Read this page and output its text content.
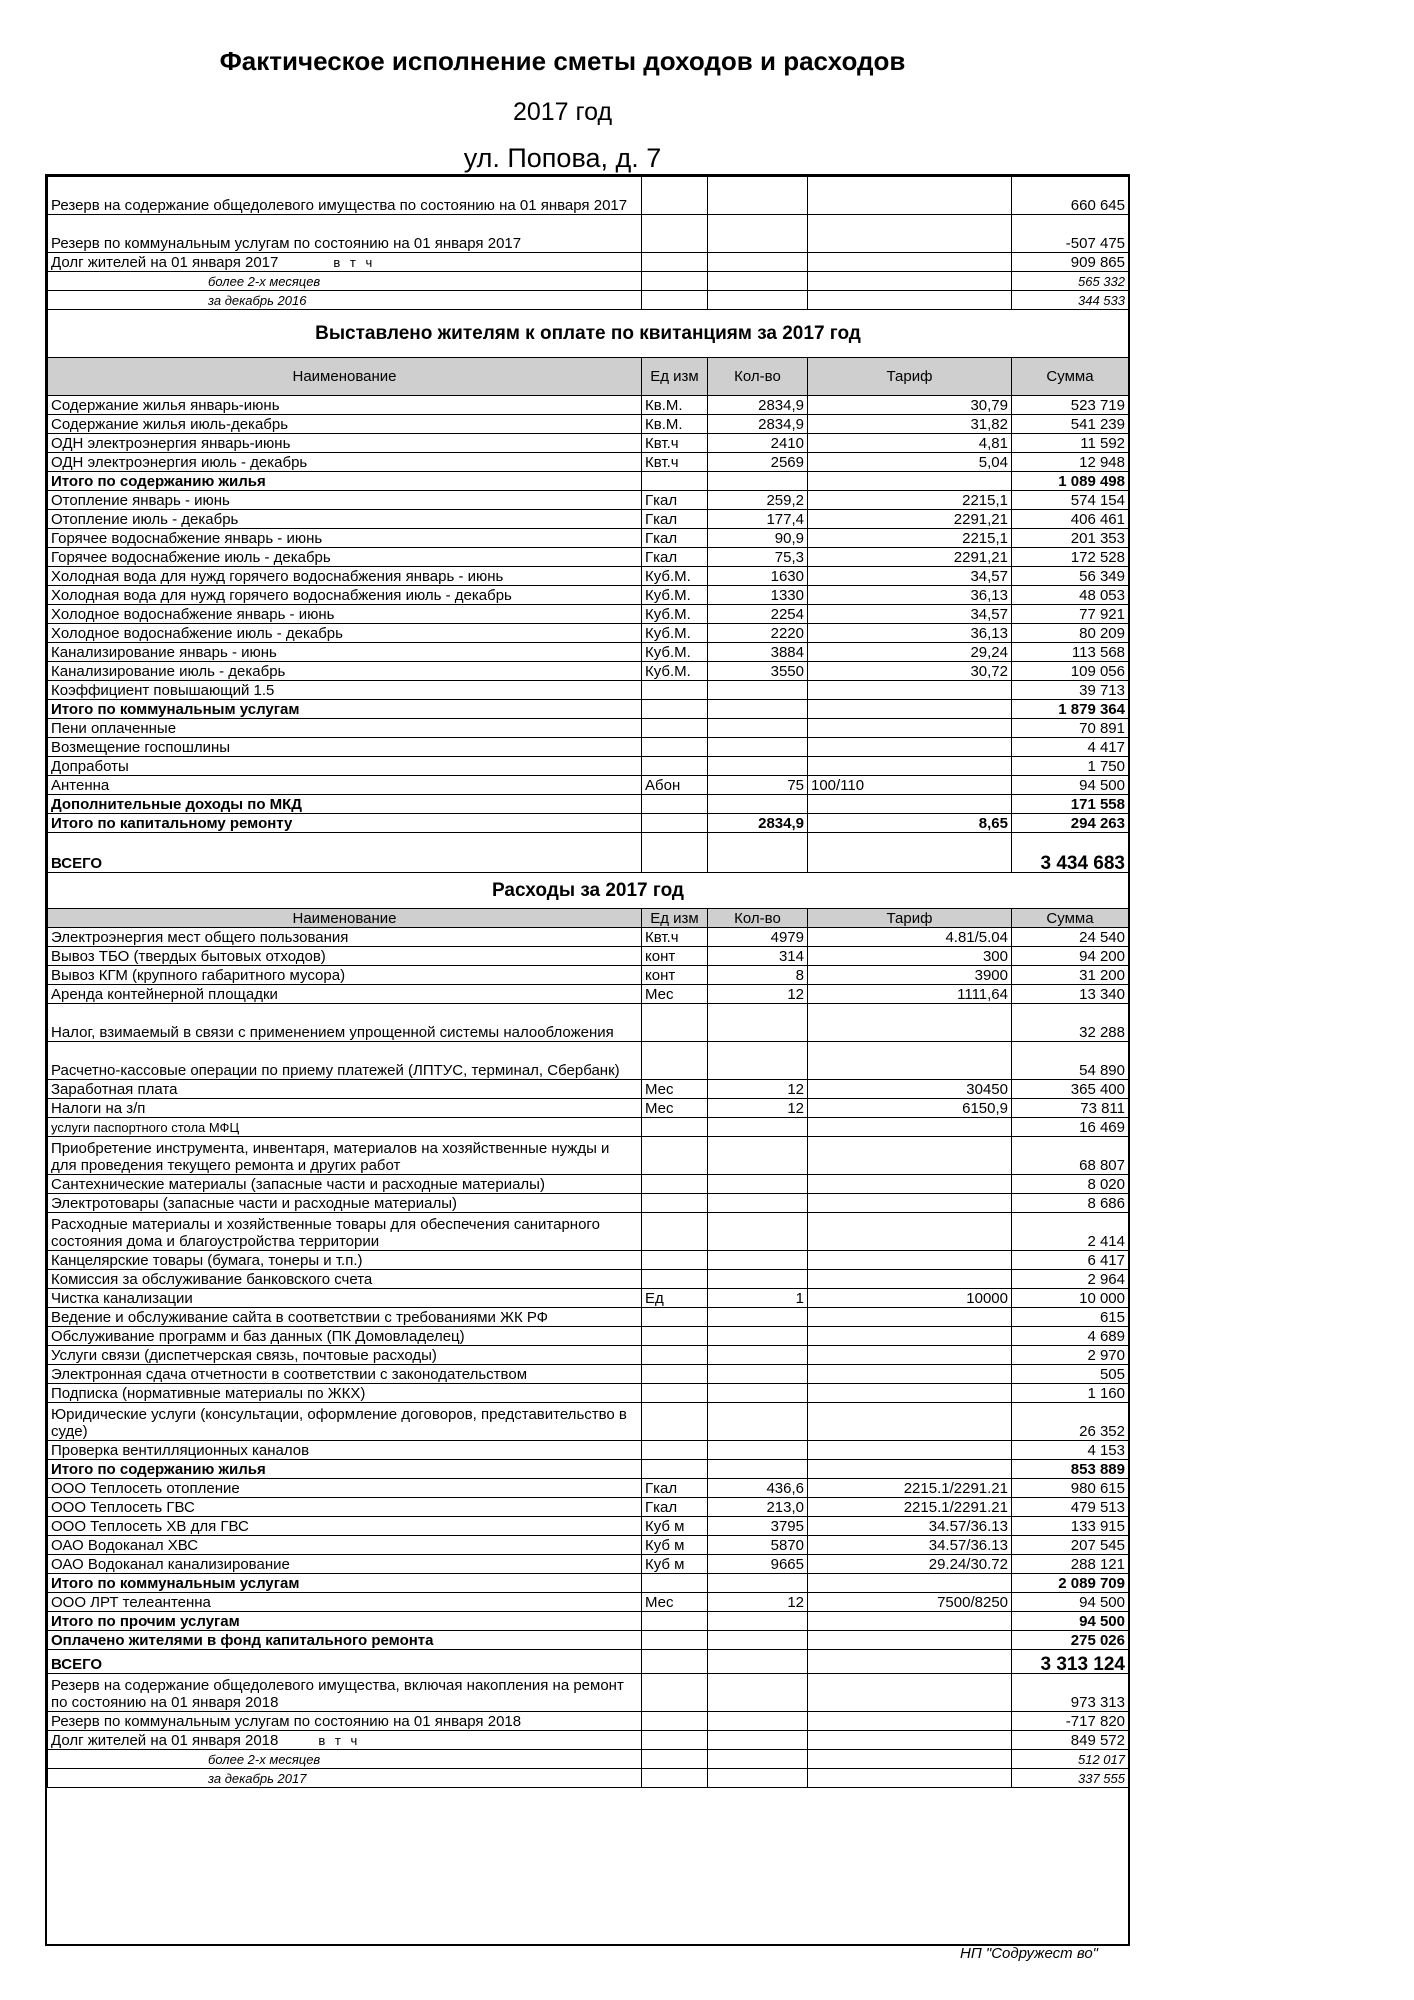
Фактическое исполнение сметы доходов и расходов
2017 год
ул. Попова, д. 7
Резерв на содержание общедолевого имущества по состоянию на 01 января 2017				660 645
Резерв по коммунальным услугам по состоянию на 01 января 2017				-507 475
Долг жителей на 01 января 2017 в т ч				909 865
более 2-х месяцев				565 332
за декабрь 2016				344 533
Выставлено жителям к оплате по квитанциям за 2017 год				
Наименование	Ед изм	Кол-во	Тариф	Сумма
Содержание жилья январь-июнь	Кв.М.	2834,9	30,79	523 719
Содержание жилья июль-декабрь	Кв.М.	2834,9	31,82	541 239
ОДН электроэнергия январь-июнь	Квт.ч	2410	4,81	11 592
ОДН электроэнергия июль - декабрь	Квт.ч	2569	5,04	12 948
Итого по содержанию жилья				1 089 498
Отопление январь - июнь	Гкал	259,2	2215,1	574 154
Отопление июль - декабрь	Гкал	177,4	2291,21	406 461
Горячее водоснабжение январь - июнь	Гкал	90,9	2215,1	201 353
Горячее водоснабжение июль - декабрь	Гкал	75,3	2291,21	172 528
Холодная вода для нужд горячего водоснабжения январь - июнь	Куб.М.	1630	34,57	56 349
Холодная вода для нужд горячего водоснабжения июль - декабрь	Куб.М.	1330	36,13	48 053
Холодное водоснабжение январь - июнь	Куб.М.	2254	34,57	77 921
Холодное водоснабжение июль - декабрь	Куб.М.	2220	36,13	80 209
Канализирование январь - июнь	Куб.М.	3884	29,24	113 568
Канализирование июль - декабрь	Куб.М.	3550	30,72	109 056
Коэффициент повышающий 1.5				39 713
Итого по коммунальным услугам				1 879 364
Пени оплаченные				70 891
Возмещение госпошлины				4 417
Допработы				1 750
Антенна	Абон	75	100/110	94 500
Дополнительные доходы по МКД				171 558
Итого по капитальному ремонту		2834,9	8,65	294 263
ВСЕГО				3 434 683
Расходы за 2017 год				
Наименование	Ед изм	Кол-во	Тариф	Сумма
Электроэнергия мест общего пользования	Квт.ч	4979	4.81/5.04	24 540
Вывоз ТБО (твердых бытовых отходов)	конт	314	300	94 200
Вывоз КГМ (крупного габаритного мусора)	конт	8	3900	31 200
Аренда контейнерной площадки	Мес	12	1111,64	13 340
Налог, взимаемый в связи с применением упрощенной системы налообложения				32 288
Расчетно-кассовые операции по приему платежей (ЛПТУС, терминал, Сбербанк)				54 890
Заработная плата	Мес	12	30450	365 400
Налоги на з/п	Мес	12	6150,9	73 811
услуги паспортного стола МФЦ				16 469
Приобретение инструмента, инвентаря, материалов на хозяйственные нужды и для проведения текущего ремонта и других работ				68 807
Сантехнические материалы (запасные части и расходные материалы)				8 020
Электротовары (запасные части и расходные материалы)				8 686
Расходные материалы и хозяйственные товары для обеспечения санитарного состояния дома и благоустройства территории				2 414
Канцелярские товары (бумага, тонеры и т.п.)				6 417
Комиссия за обслуживание банковского счета				2 964
Чистка канализации	Ед	1	10000	10 000
Ведение и обслуживание сайта в соответствии с требованиями ЖК РФ				615
Обслуживание программ и баз данных (ПК Домовладелец)				4 689
Услуги связи (диспетчерская связь, почтовые расходы)				2 970
Электронная сдача отчетности в соответствии с законодательством				505
Подписка (нормативные материалы по ЖКХ)				1 160
Юридические услуги (консультации, оформление договоров, представительство в суде)				26 352
Проверка вентилляционных каналов				4 153
Итого по содержанию жилья				853 889
ООО Теплосеть отопление	Гкал	436,6	2215.1/2291.21	980 615
ООО Теплосеть ГВС	Гкал	213,0	2215.1/2291.21	479 513
ООО Теплосеть ХВ для ГВС	Куб м	3795	34.57/36.13	133 915
ОАО Водоканал ХВС	Куб м	5870	34.57/36.13	207 545
ОАО Водоканал канализирование	Куб м	9665	29.24/30.72	288 121
Итого по коммунальным услугам				2 089 709
ООО ЛРТ телеантенна	Мес	12	7500/8250	94 500
Итого по прочим услугам				94 500
Оплачено жителями в фонд капитального ремонта				275 026
ВСЕГО				3 313 124
Резерв на содержание общедолевого имущества, включая накопления на ремонт по состоянию на 01 января 2018				973 313
Резерв по коммунальным услугам по состоянию на 01 января 2018				-717 820
Долг жителей на 01 января 2018 в т ч				849 572
более 2-х месяцев				512 017
за декабрь 2017				337 555
НП "Содружест во"
